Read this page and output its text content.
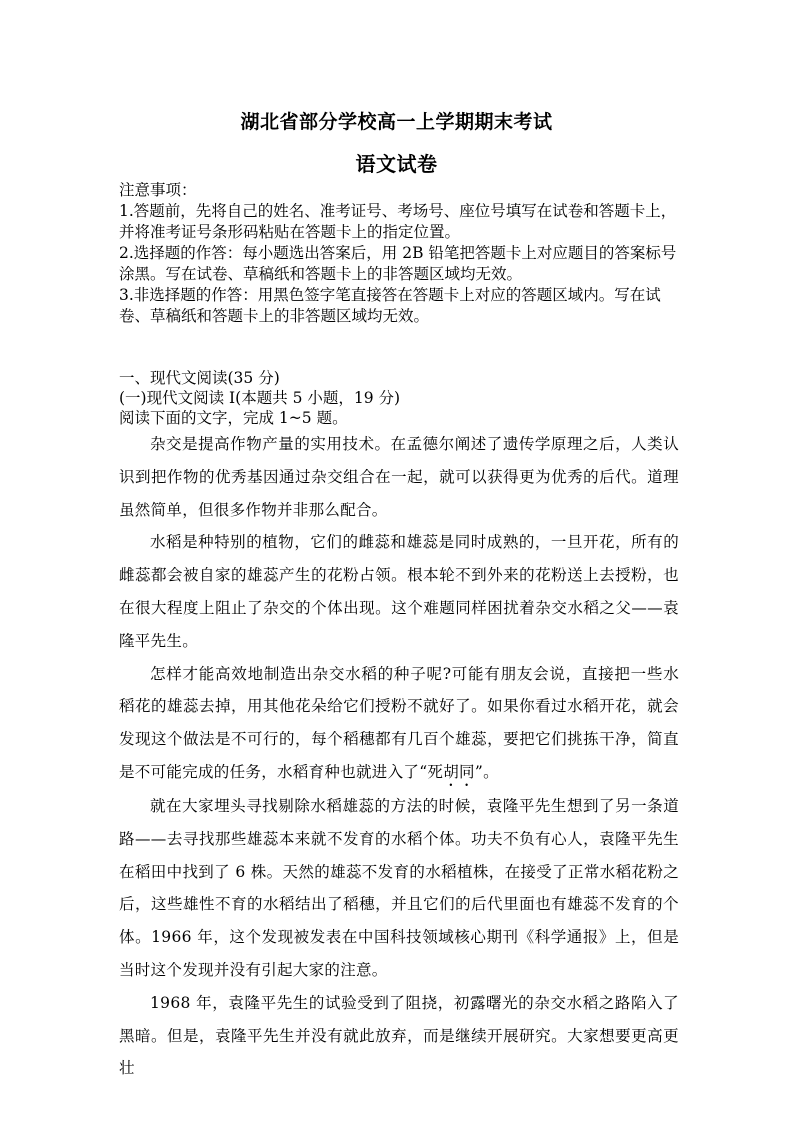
湖北省部分学校高一上学期期末考试
语文试卷
注意事项：
1.答题前，先将自己的姓名、准考证号、考场号、座位号填写在试卷和答题卡上，并将准考证号条形码粘贴在答题卡上的指定位置。
2.选择题的作答：每小题选出答案后，用 2B 铅笔把答题卡上对应题目的答案标号涂黑。写在试卷、草稿纸和答题卡上的非答题区域均无效。
3.非选择题的作答：用黑色签字笔直接答在答题卡上对应的答题区域内。写在试卷、草稿纸和答题卡上的非答题区域均无效。
一、现代文阅读(35 分)
(一)现代文阅读 I(本题共 5 小题，19 分)
阅读下面的文字，完成 1~5 题。

杂交是提高作物产量的实用技术。在孟德尔阐述了遗传学原理之后，人类认识到把作物的优秀基因通过杂交组合在一起，就可以获得更为优秀的后代。道理虽然简单，但很多作物并非那么配合。

水稻是种特别的植物，它们的雌蕊和雄蕊是同时成熟的，一旦开花，所有的雌蕊都会被自家的雄蕊产生的花粉占领。根本轮不到外来的花粉送上去授粉，也在很大程度上阻止了杂交的个体出现。这个难题同样困扰着杂交水稻之父——袁隆平先生。

怎样才能高效地制造出杂交水稻的种子呢?可能有朋友会说，直接把一些水稻花的雄蕊去掉，用其他花朵给它们授粉不就好了。如果你看过水稻开花，就会发现这个做法是不可行的，每个稻穗都有几百个雄蕊，要把它们挑拣干净，简直是不可能完成的任务，水稻育种也就进入了“死胡同”。

就在大家埋头寻找剔除水稻雄蕊的方法的时候，袁隆平先生想到了另一条道路——去寻找那些雄蕊本来就不发育的水稻个体。功夫不负有心人，袁隆平先生在稻田中找到了 6 株。天然的雄蕊不发育的水稻植株，在接受了正常水稻花粉之后，这些雄性不育的水稻结出了稻穗，并且它们的后代里面也有雄蕊不发育的个体。1966 年，这个发现被发表在中国科技领域核心期刊《科学通报》上，但是当时这个发现并没有引起大家的注意。

1968 年，袁隆平先生的试验受到了阻挠，初露曙光的杂交水稻之路陷入了黑暗。但是，袁隆平先生并没有就此放弃，而是继续开展研究。大家想要更高更壮
